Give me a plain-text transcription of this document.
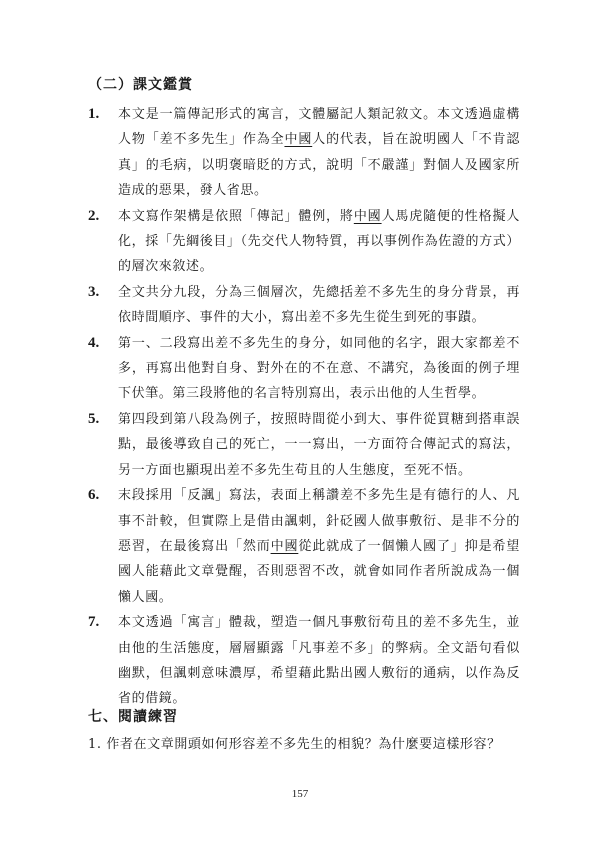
（二）課文鑑賞
1.	本文是一篇傳記形式的寓言，文體屬記人類記敘文。本文透過虛構人物「差不多先生」作為全中國人的代表，旨在說明國人「不肯認真」的毛病，以明褒暗貶的方式，說明「不嚴謹」對個人及國家所造成的惡果，發人省思。
2.	本文寫作架構是依照「傳記」體例，將中國人馬虎隨便的性格擬人化，採「先綱後目」（先交代人物特質，再以事例作為佐證的方式）的層次來敘述。
3.	全文共分九段，分為三個層次，先總括差不多先生的身分背景，再依時間順序、事件的大小，寫出差不多先生從生到死的事蹟。
4.	第一、二段寫出差不多先生的身分，如同他的名字，跟大家都差不多，再寫出他對自身、對外在的不在意、不講究，為後面的例子埋下伏筆。第三段將他的名言特別寫出，表示出他的人生哲學。
5.	第四段到第八段為例子，按照時間從小到大、事件從買糖到搭車誤點，最後導致自己的死亡，一一寫出，一方面符合傳記式的寫法，另一方面也顯現出差不多先生苟且的人生態度，至死不悟。
6.	末段採用「反諷」寫法，表面上稱讚差不多先生是有德行的人、凡事不計較，但實際上是借由諷刺，針砭國人做事敷衍、是非不分的惡習，在最後寫出「然而中國從此就成了一個懶人國了」抑是希望國人能藉此文章覺醒，否則惡習不改，就會如同作者所說成為一個懶人國。
7.	本文透過「寓言」體裁，塑造一個凡事敷衍苟且的差不多先生，並由他的生活態度，層層顯露「凡事差不多」的弊病。全文語句看似幽默，但諷刺意味濃厚，希望藉此點出國人敷衍的通病，以作為反省的借鏡。
七、閱讀練習

1. 作者在文章開頭如何形容差不多先生的相貌？為什麼要這樣形容？

157
